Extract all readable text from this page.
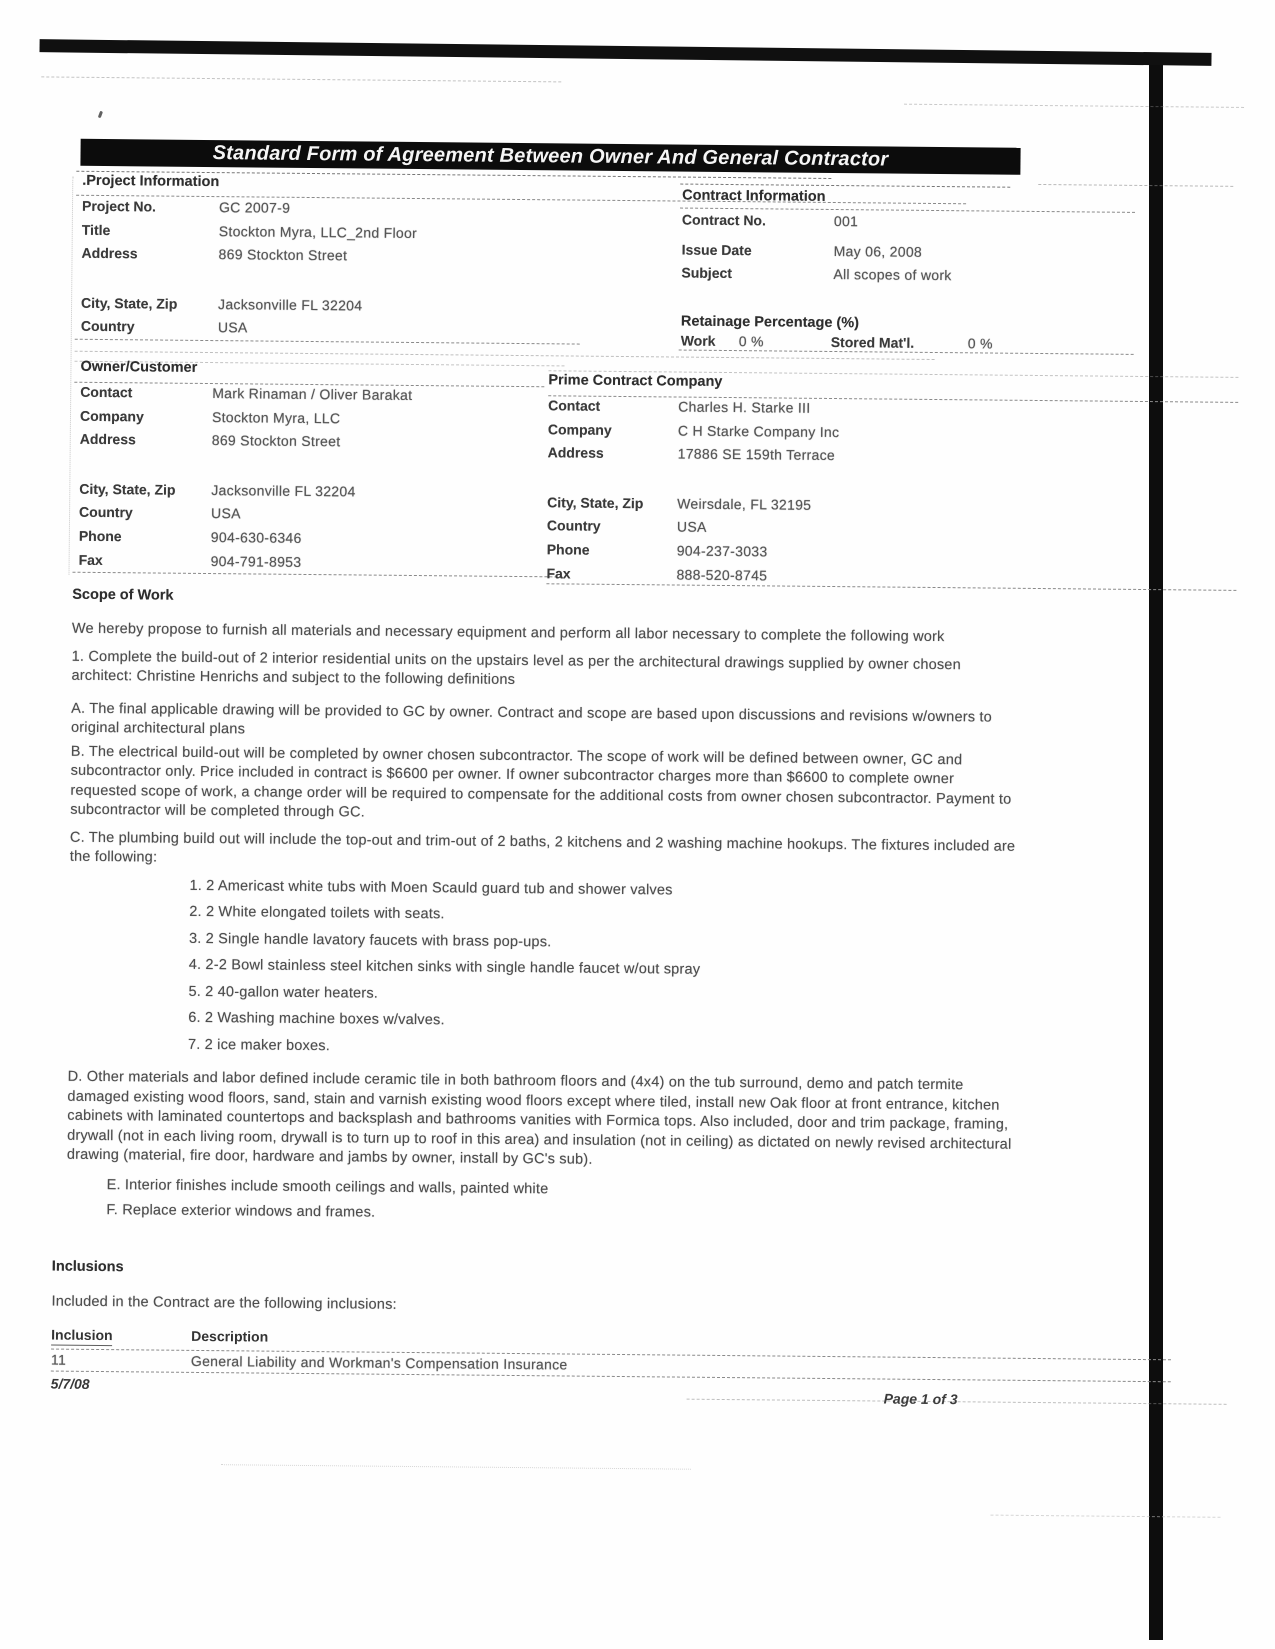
Standard Form of Agreement Between Owner And General Contractor
.Project Information
Project No.	GC 2007-9
Title	Stockton Myra, LLC_2nd Floor
Address	869 Stockton Street
City, State, Zip	Jacksonville FL 32204
Country	USA
Contract Information
Contract No.	001
Issue Date	May 06, 2008
Subject	All scopes of work
Retainage Percentage (%)
Work	0 %	Stored Mat'l.	0 %
Owner/Customer
Contact	Mark Rinaman / Oliver Barakat
Company	Stockton Myra, LLC
Address	869 Stockton Street
City, State, Zip	Jacksonville FL 32204
Country	USA
Phone	904-630-6346
Fax	904-791-8953
Prime Contract Company
Contact	Charles H. Starke III
Company	C H Starke Company Inc
Address	17886 SE 159th Terrace
City, State, Zip	Weirsdale, FL 32195
Country	USA
Phone	904-237-3033
Fax	888-520-8745
Scope of Work

We hereby propose to furnish all materials and necessary equipment and perform all labor necessary to complete the following work

1. Complete the build-out of 2 interior residential units on the upstairs level as per the architectural drawings supplied by owner chosen architect: Christine Henrichs and subject to the following definitions

A. The final applicable drawing will be provided to GC by owner. Contract and scope are based upon discussions and revisions w/owners to original architectural plans

B. The electrical build-out will be completed by owner chosen subcontractor. The scope of work will be defined between owner, GC and subcontractor only. Price included in contract is $6600 per owner. If owner subcontractor charges more than $6600 to complete owner requested scope of work, a change order will be required to compensate for the additional costs from owner chosen subcontractor. Payment to subcontractor will be completed through GC.

C. The plumbing build out will include the top-out and trim-out of 2 baths, 2 kitchens and 2 washing machine hookups. The fixtures included are the following:

1. 2 Americast white tubs with Moen Scauld guard tub and shower valves
2. 2 White elongated toilets with seats.
3. 2 Single handle lavatory faucets with brass pop-ups.
4. 2-2 Bowl stainless steel kitchen sinks with single handle faucet w/out spray
5. 2 40-gallon water heaters.
6. 2 Washing machine boxes w/valves.
7. 2 ice maker boxes.

D. Other materials and labor defined include ceramic tile in both bathroom floors and (4x4) on the tub surround, demo and patch termite damaged existing wood floors, sand, stain and varnish existing wood floors except where tiled, install new Oak floor at front entrance, kitchen cabinets with laminated countertops and backsplash and bathrooms vanities with Formica tops. Also included, door and trim package, framing, drywall (not in each living room, drywall is to turn up to roof in this area) and insulation (not in ceiling) as dictated on newly revised architectural drawing (material, fire door, hardware and jambs by owner, install by GC's sub).

E. Interior finishes include smooth ceilings and walls, painted white

F. Replace exterior windows and frames.

Inclusions

Included in the Contract are the following inclusions:

Inclusion	Description
11	General Liability and Workman's Compensation Insurance
5/7/08
Page 1 of 3
